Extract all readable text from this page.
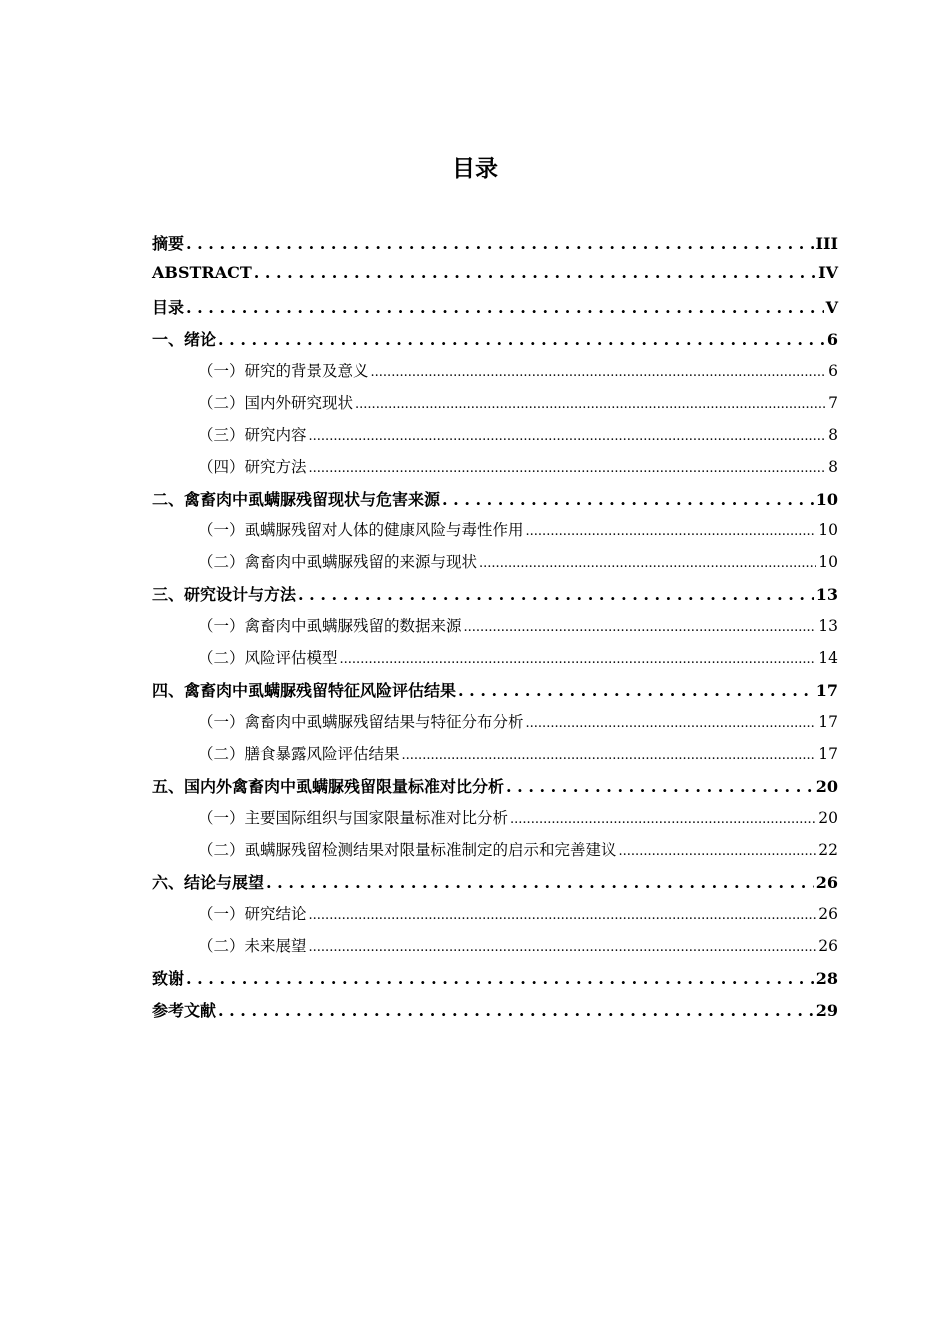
目录
摘要 . . .	III
ABSTRACT . . .	IV
目录 . . .	V
一、 绪论 . . .	6
（一） 研究的背景及意义 .....	6
（二） 国内外研究现状 .....	7
（三） 研究内容 .....	8
（四） 研究方法 .....	8
二、 禽畜肉中虱螨脲残留现状与危害来源 . . .	10
（一） 虱螨脲残留对人体的健康风险与毒性作用 .....	10
（二） 禽畜肉中虱螨脲残留的来源与现状 .....	10
三、 研究设计与方法 . . .	13
（一） 禽畜肉中虱螨脲残留的数据来源 .....	13
（二） 风险评估模型 .....	14
四、 禽畜肉中虱螨脲残留特征风险评估结果 . . .	17
（一） 禽畜肉中虱螨脲残留结果与特征分布分析 .....	17
（二） 膳食暴露风险评估结果 .....	17
五、 国内外禽畜肉中虱螨脲残留限量标准对比分析 . . .	20
（一） 主要国际组织与国家限量标准对比分析 .....	20
（二） 虱螨脲残留检测结果对限量标准制定的启示和完善建议 .....	22
六、 结论与展望 . . .	26
（一） 研究结论 .....	26
（二） 未来展望 .....	26
致谢 . . .	28
参考文献 . . .	29
